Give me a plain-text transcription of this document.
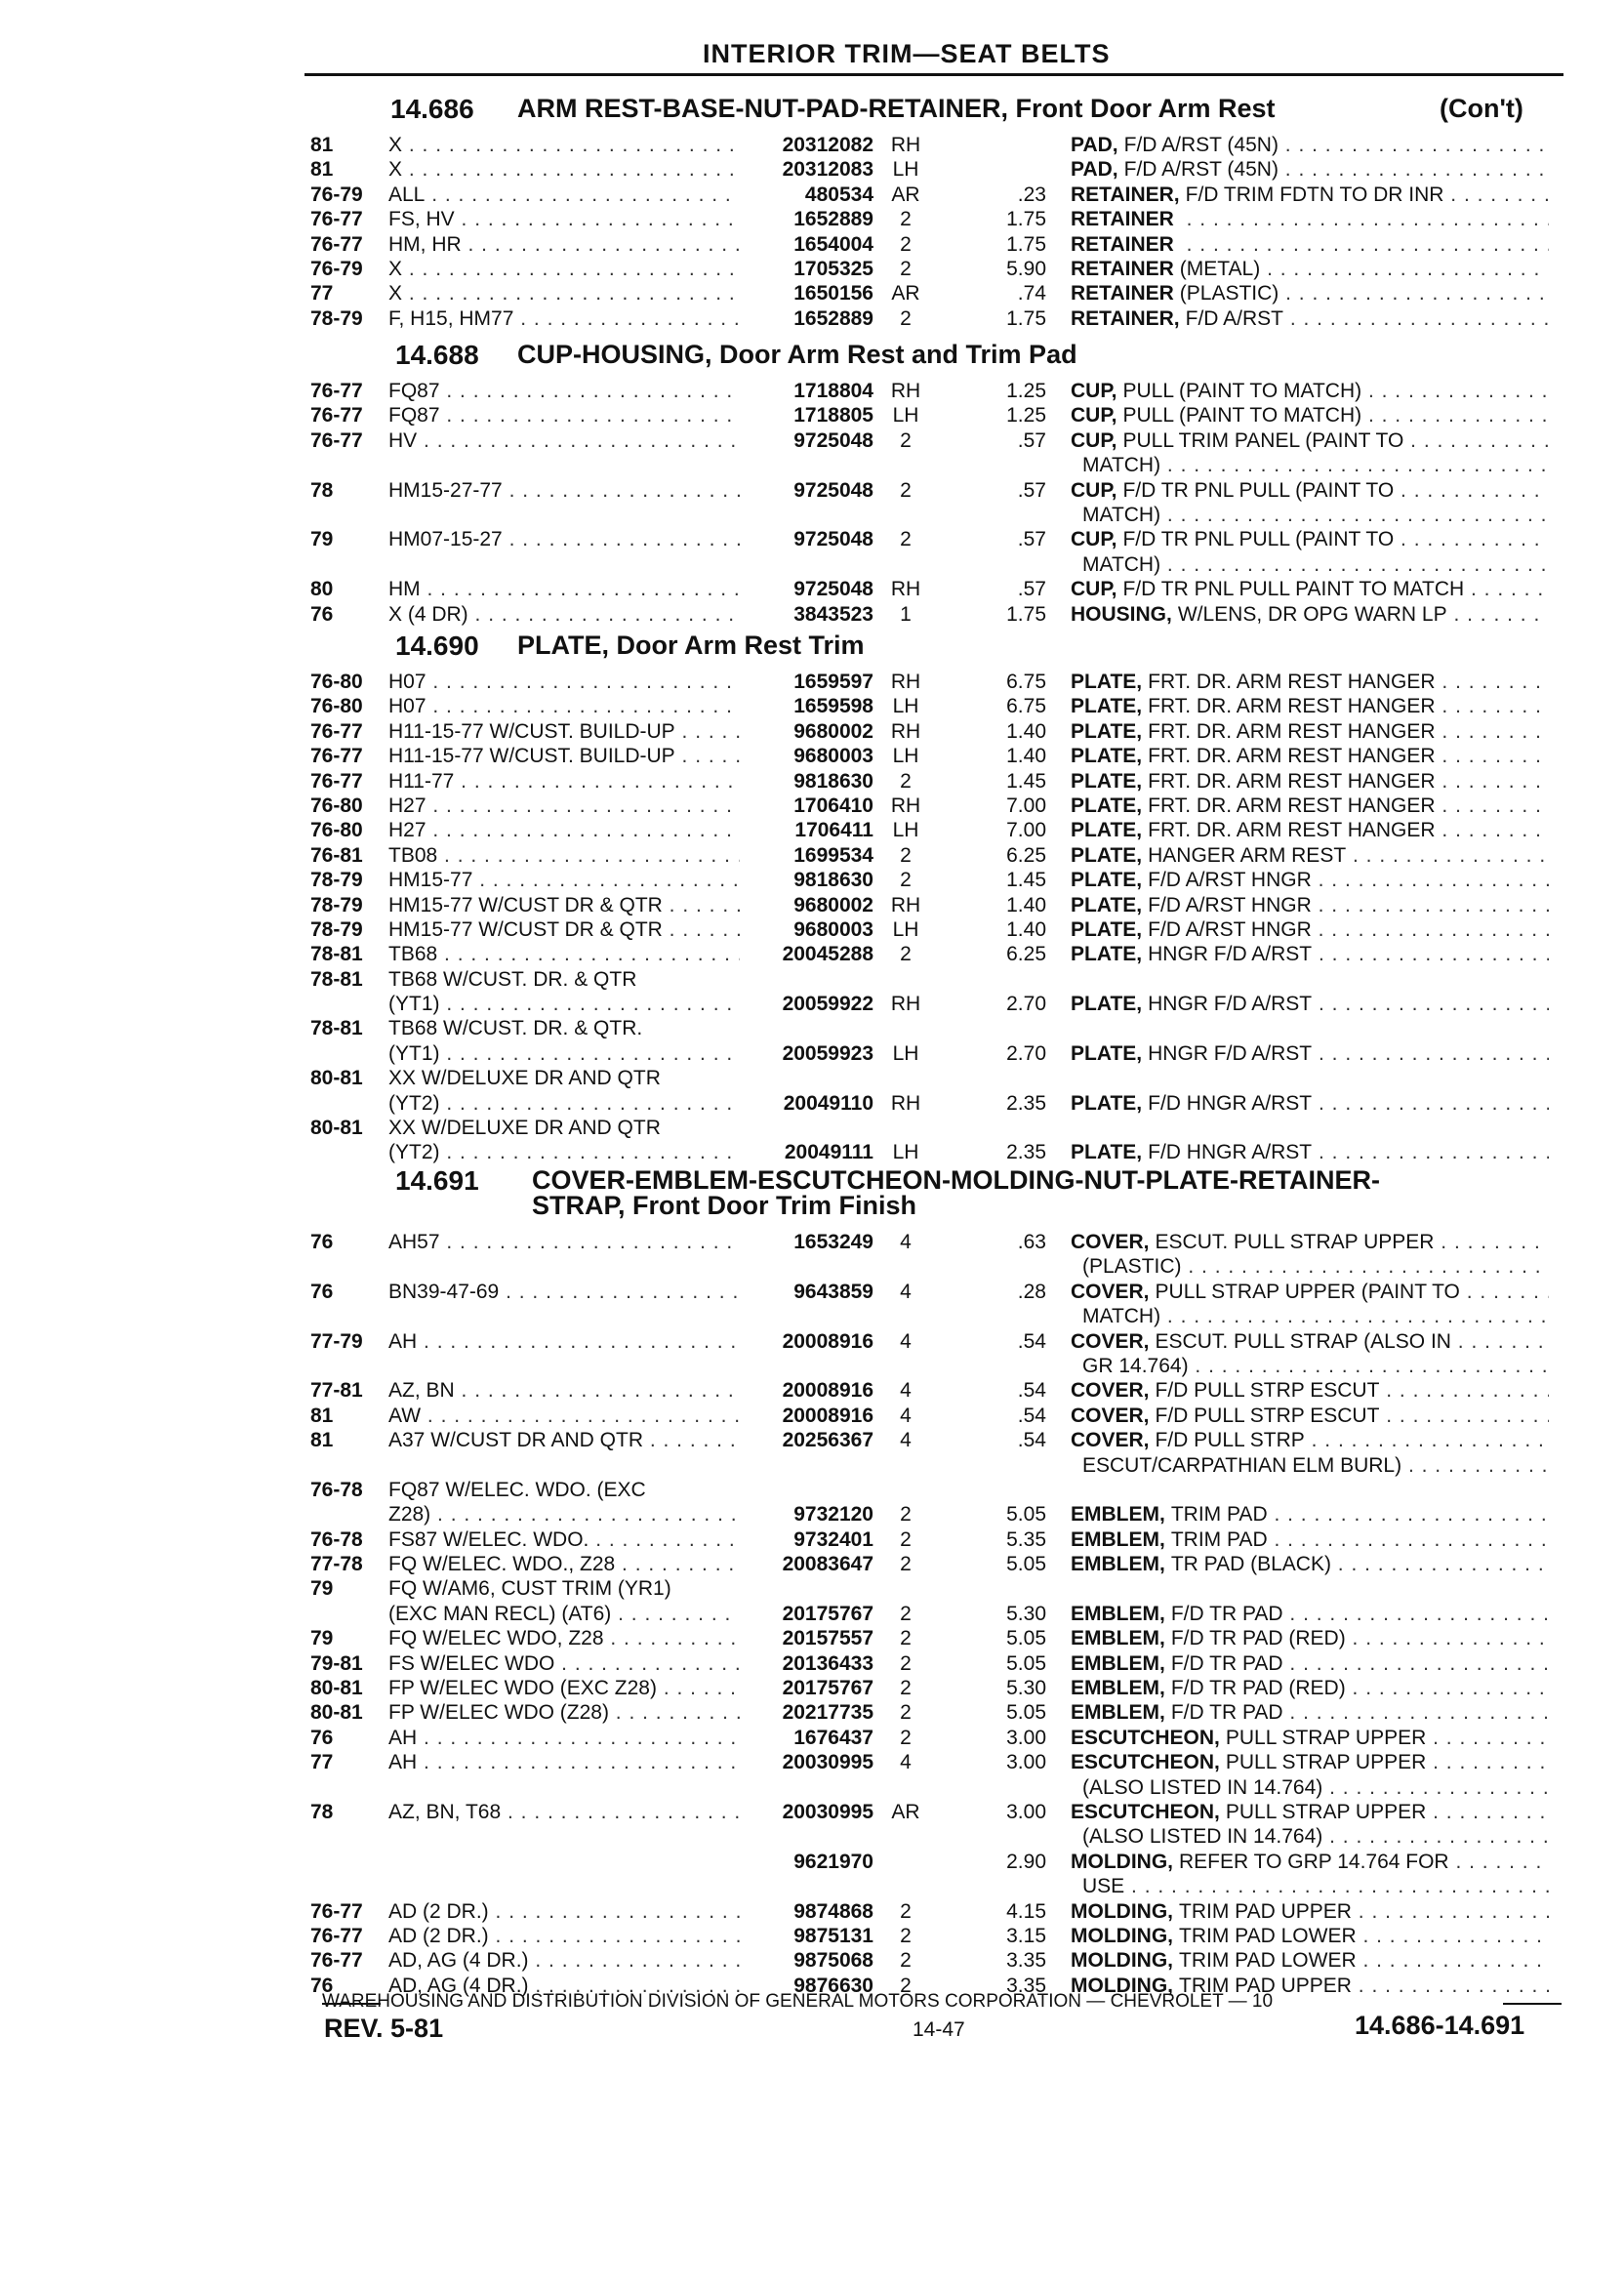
INTERIOR TRIM—SEAT BELTS
14.686 ARM REST-BASE-NUT-PAD-RETAINER, Front Door Arm Rest	(Con't)
81	X . . .	20312082 RH	PAD, F/D A/RST (45N) . . .
81	X . . .	20312083 LH	PAD, F/D A/RST (45N) . . .
76-79 ALL . . .	480534 AR	.23 RETAINER, F/D TRIM FDTN TO DR INR . . .
76-77 FS, HV . . .	1652889	2	1.75 RETAINER . . .
76-77 HM, HR . . .	1654004	2	1.75 RETAINER . . .
76-79 X . . .	1705325	2	5.90 RETAINER (METAL) . . .
77	X . . .	1650156 AR	.74 RETAINER (PLASTIC) . . .
78-79 F, H15, HM77 . . .	1652889	2	1.75 RETAINER, F/D A/RST . . .
14.688 CUP-HOUSING, Door Arm Rest and Trim Pad
76-77 FQ87 . . .	1718804 RH	1.25 CUP, PULL (PAINT TO MATCH) . . .
76-77 FQ87 . . .	1718805 LH	1.25 CUP, PULL (PAINT TO MATCH) . . .
76-77 HV . . .	9725048	2	.57 CUP, PULL TRIM PANEL (PAINT TO . . .
MATCH) . . .
78	HM15-27-77 . . .	9725048	2	.57 CUP, F/D TR PNL PULL (PAINT TO . . .
MATCH) . . .
79	HM07-15-27 . . .	9725048	2	.57 CUP, F/D TR PNL PULL (PAINT TO . . .
MATCH) . . .
80	HM . . .	9725048 RH	.57 CUP, F/D TR PNL PULL PAINT TO MATCH . . .
76	X (4 DR) . . .	3843523	1	1.75 HOUSING, W/LENS, DR OPG WARN LP . . .
14.690 PLATE, Door Arm Rest Trim
76-80 H07 . . .	1659597 RH	6.75 PLATE, FRT. DR. ARM REST HANGER . . .
76-80 H07 . . .	1659598 LH	6.75 PLATE, FRT. DR. ARM REST HANGER . . .
76-77 H11-15-77 W/CUST. BUILD-UP . . .	9680002 RH	1.40 PLATE, FRT. DR. ARM REST HANGER . . .
76-77 H11-15-77 W/CUST. BUILD-UP . . .	9680003 LH	1.40 PLATE, FRT. DR. ARM REST HANGER . . .
76-77 H11-77 . . .	9818630	2	1.45 PLATE, FRT. DR. ARM REST HANGER . . .
76-80 H27 . . .	1706410 RH	7.00 PLATE, FRT. DR. ARM REST HANGER . . .
76-80 H27 . . .	1706411 LH	7.00 PLATE, FRT. DR. ARM REST HANGER . . .
76-81 TB08 . . .	1699534	2	6.25 PLATE, HANGER ARM REST . . .
78-79 HM15-77 . . .	9818630	2	1.45 PLATE, F/D A/RST HNGR . . .
78-79 HM15-77 W/CUST DR & QTR . . .	9680002 RH	1.40 PLATE, F/D A/RST HNGR . . .
78-79 HM15-77 W/CUST DR & QTR . . .	9680003 LH	1.40 PLATE, F/D A/RST HNGR . . .
78-81 TB68 . . .	20045288	2	6.25 PLATE, HNGR F/D A/RST . . .
78-81 TB68 W/CUST. DR. & QTR
(YT1) . . .	20059922 RH	2.70 PLATE, HNGR F/D A/RST . . .
78-81 TB68 W/CUST. DR. & QTR.
(YT1) . . .	20059923 LH	2.70 PLATE, HNGR F/D A/RST . . .
80-81 XX W/DELUXE DR AND QTR
(YT2) . . .	20049110 RH	2.35 PLATE, F/D HNGR A/RST . . .
80-81 XX W/DELUXE DR AND QTR
(YT2) . . .	20049111 LH	2.35 PLATE, F/D HNGR A/RST . . .
14.691 COVER-EMBLEM-ESCUTCHEON-MOLDING-NUT-PLATE-RETAINER-
STRAP, Front Door Trim Finish
76	AH57 . . .	1653249	4	.63 COVER, ESCUT. PULL STRAP UPPER . . .
(PLASTIC) . . .
76	BN39-47-69 . . .	9643859	4	.28 COVER, PULL STRAP UPPER (PAINT TO . . .
MATCH) . . .
77-79 AH . . .	20008916	4	.54 COVER, ESCUT. PULL STRAP (ALSO IN . . .
GR 14.764) . . .
77-81 AZ, BN . . .	20008916	4	.54 COVER, F/D PULL STRP ESCUT . . .
81	AW . . .	20008916	4	.54 COVER, F/D PULL STRP ESCUT . . .
81	A37 W/CUST DR AND QTR . . .	20256367	4	.54 COVER, F/D PULL STRP . . .
ESCUT/CARPATHIAN ELM BURL) . . .
76-78 FQ87 W/ELEC. WDO. (EXC
Z28) . . .	9732120	2	5.05 EMBLEM, TRIM PAD . . .
76-78 FS87 W/ELEC. WDO. . . .	9732401	2	5.35 EMBLEM, TRIM PAD . . .
77-78 FQ W/ELEC. WDO., Z28 . . .	20083647	2	5.05 EMBLEM, TR PAD (BLACK) . . .
79	FQ W/AM6, CUST TRIM (YR1)
(EXC MAN RECL) (AT6) . . .	20175767	2	5.30 EMBLEM, F/D TR PAD . . .
79	FQ W/ELEC WDO, Z28 . . .	20157557	2	5.05 EMBLEM, F/D TR PAD (RED) . . .
79-81 FS W/ELEC WDO . . .	20136433	2	5.05 EMBLEM, F/D TR PAD . . .
80-81 FP W/ELEC WDO (EXC Z28) . . .	20175767	2	5.30 EMBLEM, F/D TR PAD (RED) . . .
80-81 FP W/ELEC WDO (Z28) . . .	20217735	2	5.05 EMBLEM, F/D TR PAD . . .
76	AH . . .	1676437	2	3.00 ESCUTCHEON, PULL STRAP UPPER . . .
77	AH . . .	20030995	4	3.00 ESCUTCHEON, PULL STRAP UPPER . . .
(ALSO LISTED IN 14.764) . . .
78	AZ, BN, T68 . . .	20030995 AR	3.00 ESCUTCHEON, PULL STRAP UPPER . . .
(ALSO LISTED IN 14.764) . . .
9621970	2.90 MOLDING, REFER TO GRP 14.764 FOR . . .
USE . . .
76-77 AD (2 DR.) . . .	9874868	2	4.15 MOLDING, TRIM PAD UPPER . . .
76-77 AD (2 DR.) . . .	9875131	2	3.15 MOLDING, TRIM PAD LOWER . . .
76-77 AD, AG (4 DR.) . . .	9875068	2	3.35 MOLDING, TRIM PAD LOWER . . .
76	AD, AG (4 DR.) . . .	9876630	2	3.35 MOLDING, TRIM PAD UPPER . . .
WAREHOUSING AND DISTRIBUTION DIVISION OF GENERAL MOTORS CORPORATION — CHEVROLET — 10
REV. 5-81	14-47	14.686-14.691
